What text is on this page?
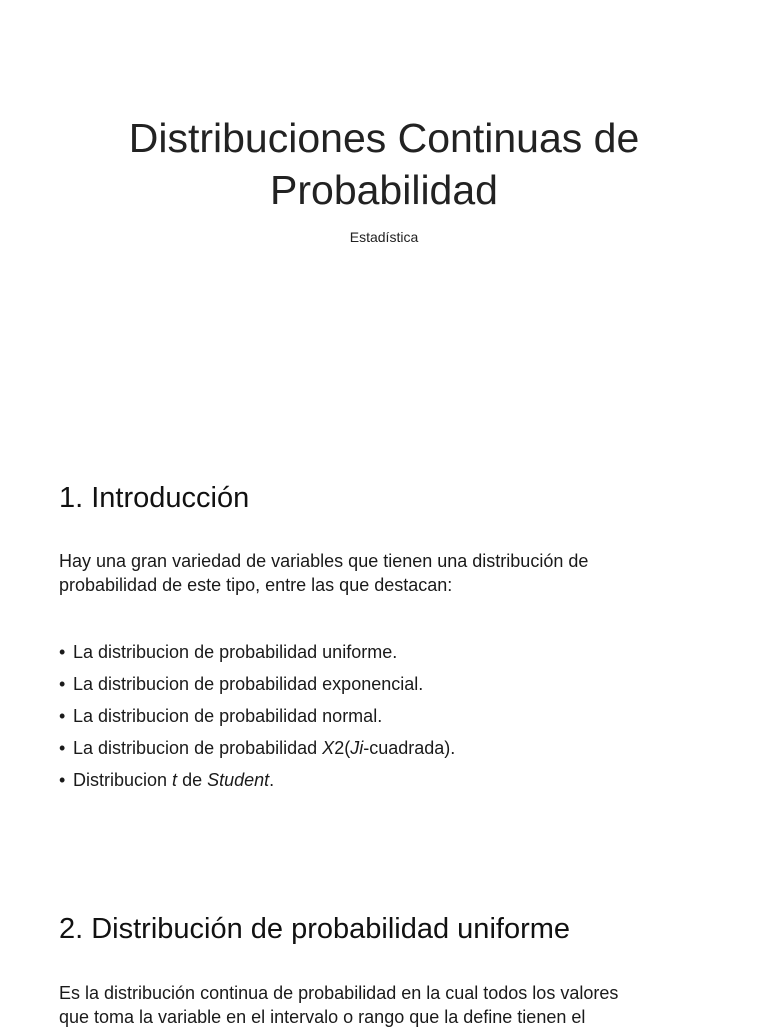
Distribuciones Continuas de
Probabilidad
Estadística
1. Introducción

Hay una gran variedad de variables que tienen una distribución de
probabilidad de este tipo, entre las que destacan:

• La distribucion de probabilidad uniforme.
• La distribucion de probabilidad exponencial.
• La distribucion de probabilidad normal.
• La distribucion de probabilidad X2(Ji-cuadrada).
• Distribucion t de Student.
2. Distribución de probabilidad uniforme

Es la distribución continua de probabilidad en la cual todos los valores
que toma la variable en el intervalo o rango que la define tienen el
